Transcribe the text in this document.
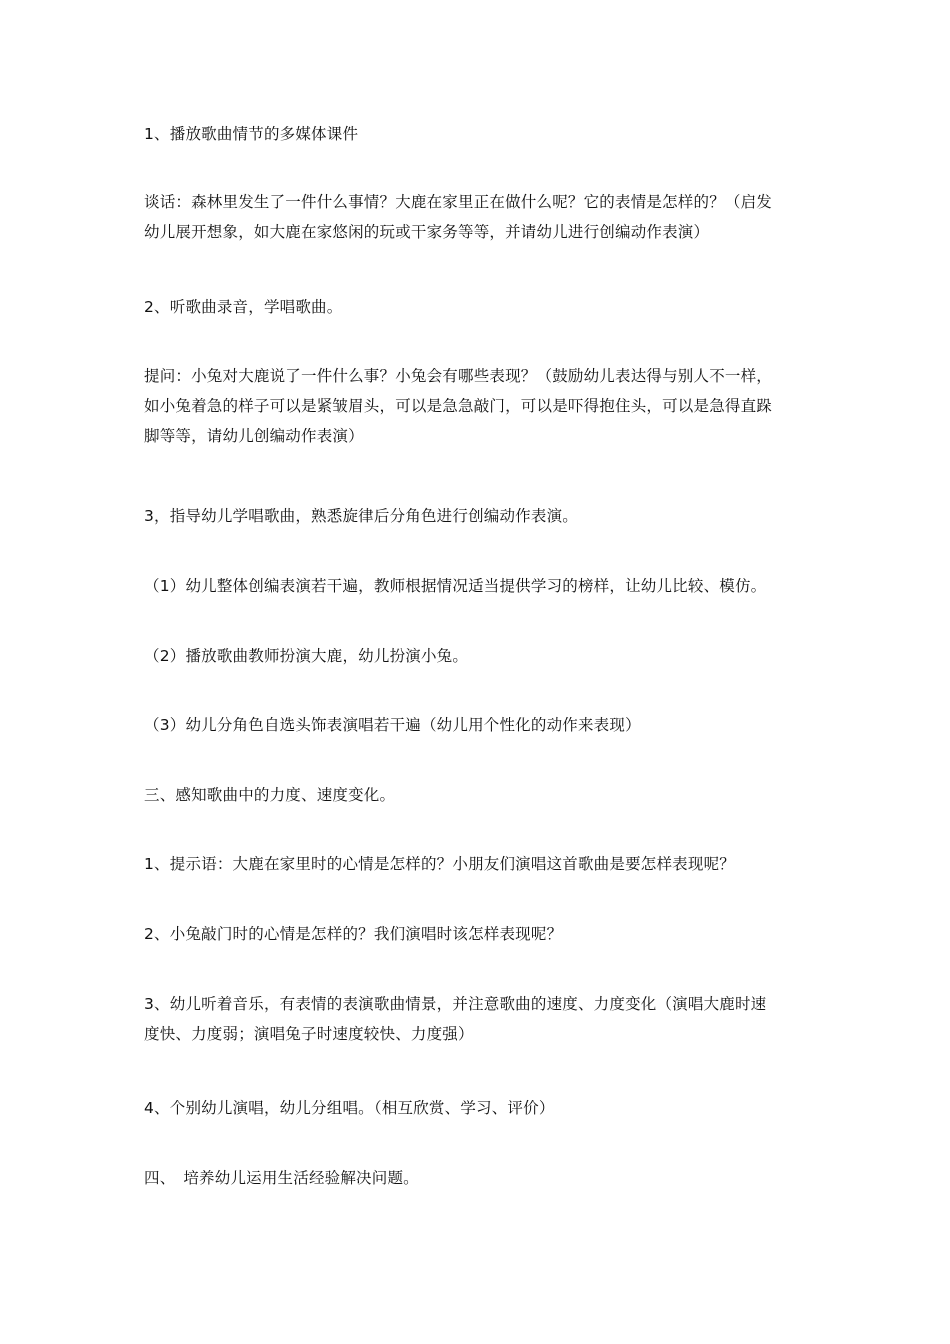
1、播放歌曲情节的多媒体课件
谈话：森林里发生了一件什么事情？大鹿在家里正在做什么呢？它的表情是怎样的？（启发
幼儿展开想象，如大鹿在家悠闲的玩或干家务等等，并请幼儿进行创编动作表演）
2、听歌曲录音，学唱歌曲。
提问：小兔对大鹿说了一件什么事？小兔会有哪些表现？（鼓励幼儿表达得与别人不一样，
如小兔着急的样子可以是紧皱眉头，可以是急急敲门，可以是吓得抱住头，可以是急得直跺
脚等等，请幼儿创编动作表演）
3，指导幼儿学唱歌曲，熟悉旋律后分角色进行创编动作表演。
（1）幼儿整体创编表演若干遍，教师根据情况适当提供学习的榜样，让幼儿比较、模仿。
（2）播放歌曲教师扮演大鹿，幼儿扮演小兔。
（3）幼儿分角色自选头饰表演唱若干遍（幼儿用个性化的动作来表现）
三、感知歌曲中的力度、速度变化。
1、提示语：大鹿在家里时的心情是怎样的？小朋友们演唱这首歌曲是要怎样表现呢？
2、小兔敲门时的心情是怎样的？我们演唱时该怎样表现呢？
3、幼儿听着音乐，有表情的表演歌曲情景，并注意歌曲的速度、力度变化（演唱大鹿时速
度快、力度弱；演唱兔子时速度较快、力度强）
4、个别幼儿演唱，幼儿分组唱。（相互欣赏、学习、评价）
四、　培养幼儿运用生活经验解决问题。
